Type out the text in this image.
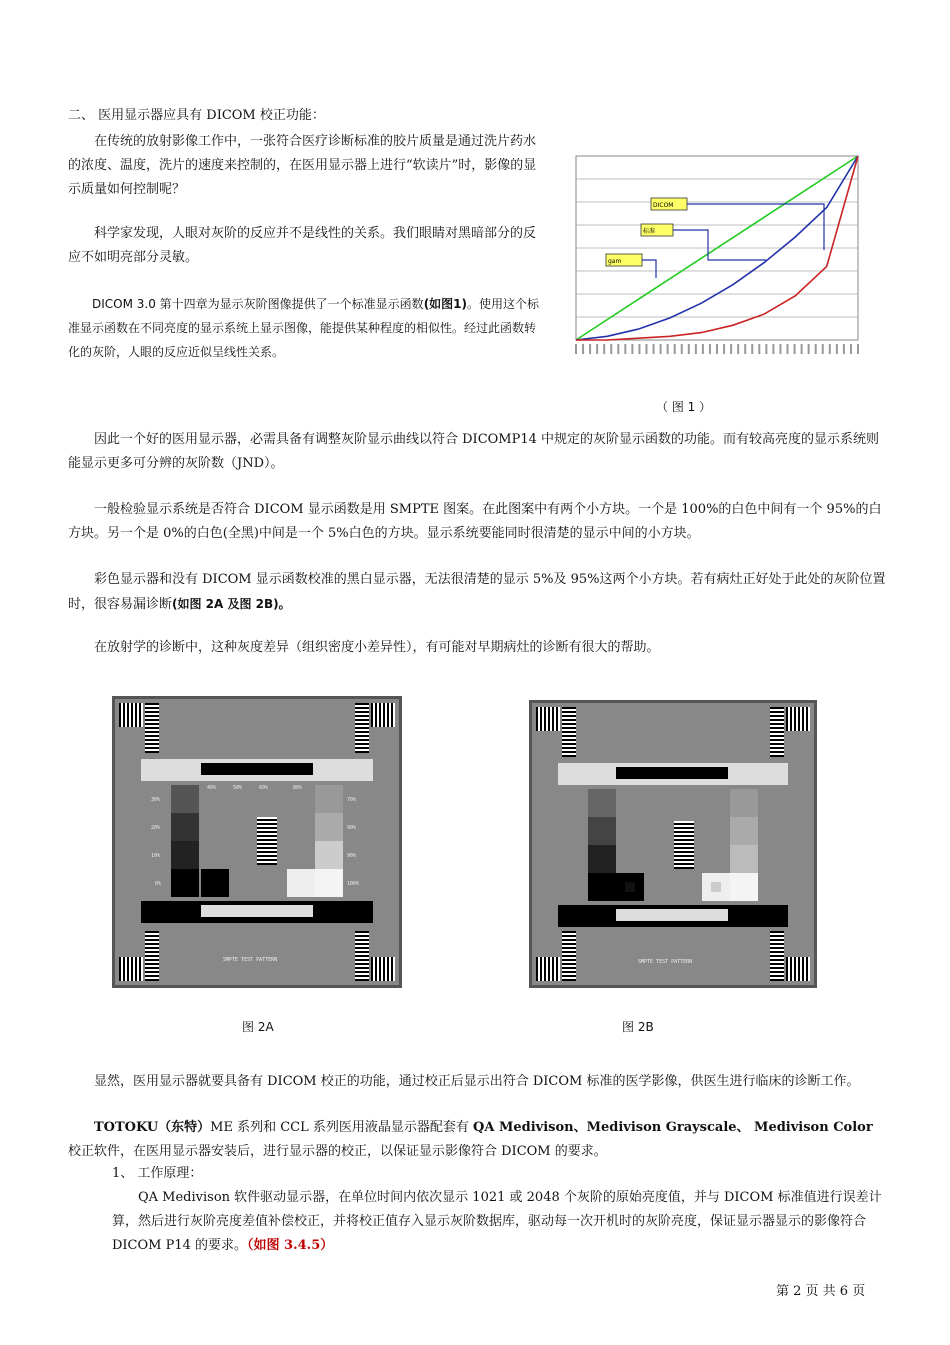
二、 医用显示器应具有 DICOM 校正功能：

在传统的放射影像工作中，一张符合医疗诊断标准的胶片质量是通过洗片药水的浓度、温度，洗片的速度来控制的，在医用显示器上进行“软读片”时，影像的显示质量如何控制呢？

科学家发现，人眼对灰阶的反应并不是线性的关系。我们眼睛对黑暗部分的反应不如明亮部分灵敏。

DICOM 3.0 第十四章为显示灰阶图像提供了一个标准显示函数(如图1)。使用这个标准显示函数在不同亮度的显示系统上显示图像，能提供某种程度的相似性。经过此函数转化的灰阶，人眼的反应近似呈线性关系。

DICOM
标准
gam

（ 图 1 ）

因此一个好的医用显示器，必需具备有调整灰阶显示曲线以符合 DICOMP14 中规定的灰阶显示函数的功能。而有较高亮度的显示系统则能显示更多可分辨的灰阶数（JND）。

一般检验显示系统是否符合 DICOM 显示函数是用 SMPTE 图案。在此图案中有两个小方块。一个是 100%的白色中间有一个 95%的白方块。另一个是 0%的白色(全黑)中间是一个 5%白色的方块。显示系统要能同时很清楚的显示中间的小方块。

彩色显示器和没有 DICOM 显示函数校准的黑白显示器，无法很清楚的显示 5%及 95%这两个小方块。若有病灶正好处于此处的灰阶位置时，很容易漏诊断(如图 2A 及图 2B)。

在放射学的诊断中，这种灰度差异（组织密度小差异性），有可能对早期病灶的诊断有很大的帮助。

40%	50%	60%	80%
30%
20%
10%
0%
70%
90%
90%
100%
SMPTE TEST PATTERN	SMPTE TEST PATTERN

图 2A	图 2B

显然，医用显示器就要具备有 DICOM 校正的功能，通过校正后显示出符合 DICOM 标准的医学影像，供医生进行临床的诊断工作。

TOTOKU（东特）ME 系列和 CCL 系列医用液晶显示器配套有 QA Medivison、Medivison Grayscale、 Medivison Color 校正软件，在医用显示器安装后，进行显示器的校正，以保证显示影像符合 DICOM 的要求。

1、 工作原理：

QA Medivison 软件驱动显示器，在单位时间内依次显示 1021 或 2048 个灰阶的原始亮度值，并与 DICOM 标准值进行误差计算，然后进行灰阶亮度差值补偿校正，并将校正值存入显示灰阶数据库，驱动每一次开机时的灰阶亮度，保证显示器显示的影像符合 DICOM P14 的要求。（如图 3.4.5）

第 2 页 共 6 页
